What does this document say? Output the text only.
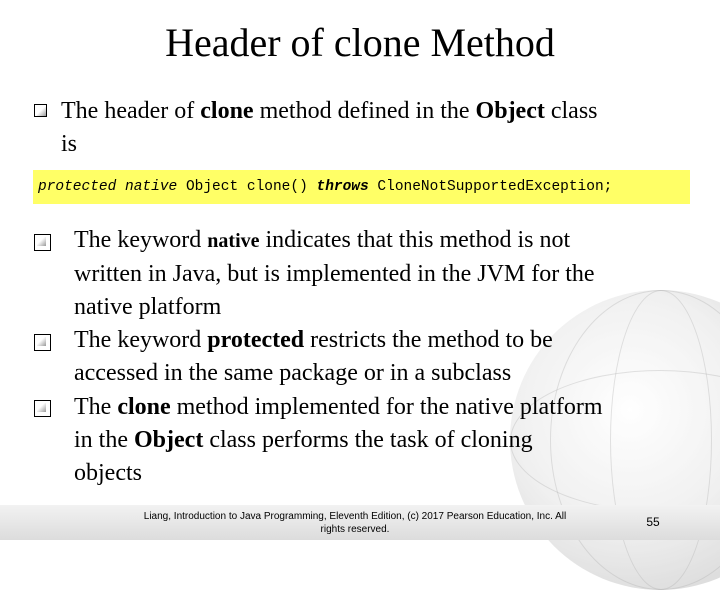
Header of clone Method
The header of clone method defined in the Object class
is
protected native Object clone() throws CloneNotSupportedException;
The keyword native indicates that this method is not
written in Java, but is implemented in the JVM for the
native platform
The keyword protected restricts the method to be
accessed in the same package or in a subclass
The clone method implemented for the native platform
in the Object class performs the task of cloning
objects
Liang, Introduction to Java Programming, Eleventh Edition, (c) 2017 Pearson Education, Inc. All
rights reserved.
55
